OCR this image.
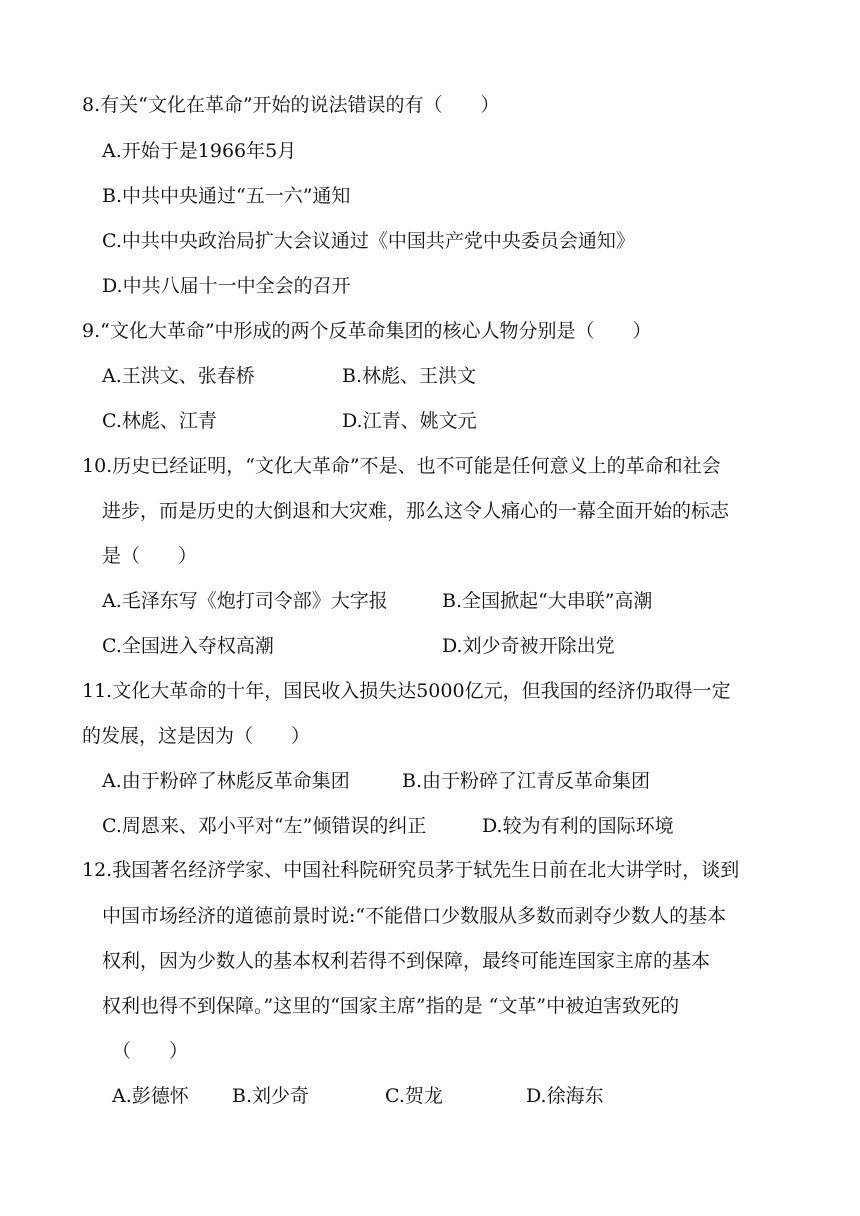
8.有关“文化在革命”开始的说法错误的有（　　）
A.开始于是1966年5月
B.中共中央通过“五一六”通知
C.中共中央政治局扩大会议通过《中国共产党中央委员会通知》
D.中共八届十一中全会的召开
9.“文化大革命”中形成的两个反革命集团的核心人物分别是（　　）
A.王洪文、张春桥	B.林彪、王洪文
C.林彪、江青	D.江青、姚文元
10.历史已经证明，“文化大革命”不是、也不可能是任何意义上的革命和社会
进步，而是历史的大倒退和大灾难，那么这令人痛心的一幕全面开始的标志
是（　　）
A.毛泽东写《炮打司令部》大字报	B.全国掀起“大串联”高潮
C.全国进入夺权高潮	D.刘少奇被开除出党
11.文化大革命的十年，国民收入损失达5000亿元，但我国的经济仍取得一定
的发展，这是因为（　　）
A.由于粉碎了林彪反革命集团	B.由于粉碎了江青反革命集团
C.周恩来、邓小平对“左”倾错误的纠正	D.较为有利的国际环境
12.我国著名经济学家、中国社科院研究员茅于轼先生日前在北大讲学时，谈到
中国市场经济的道德前景时说:“不能借口少数服从多数而剥夺少数人的基本
权利，因为少数人的基本权利若得不到保障，最终可能连国家主席的基本
权利也得不到保障。”这里的“国家主席”指的是 “文革”中被迫害致死的
（　　）
A.彭德怀 B.刘少奇	C.贺龙	D.徐海东
